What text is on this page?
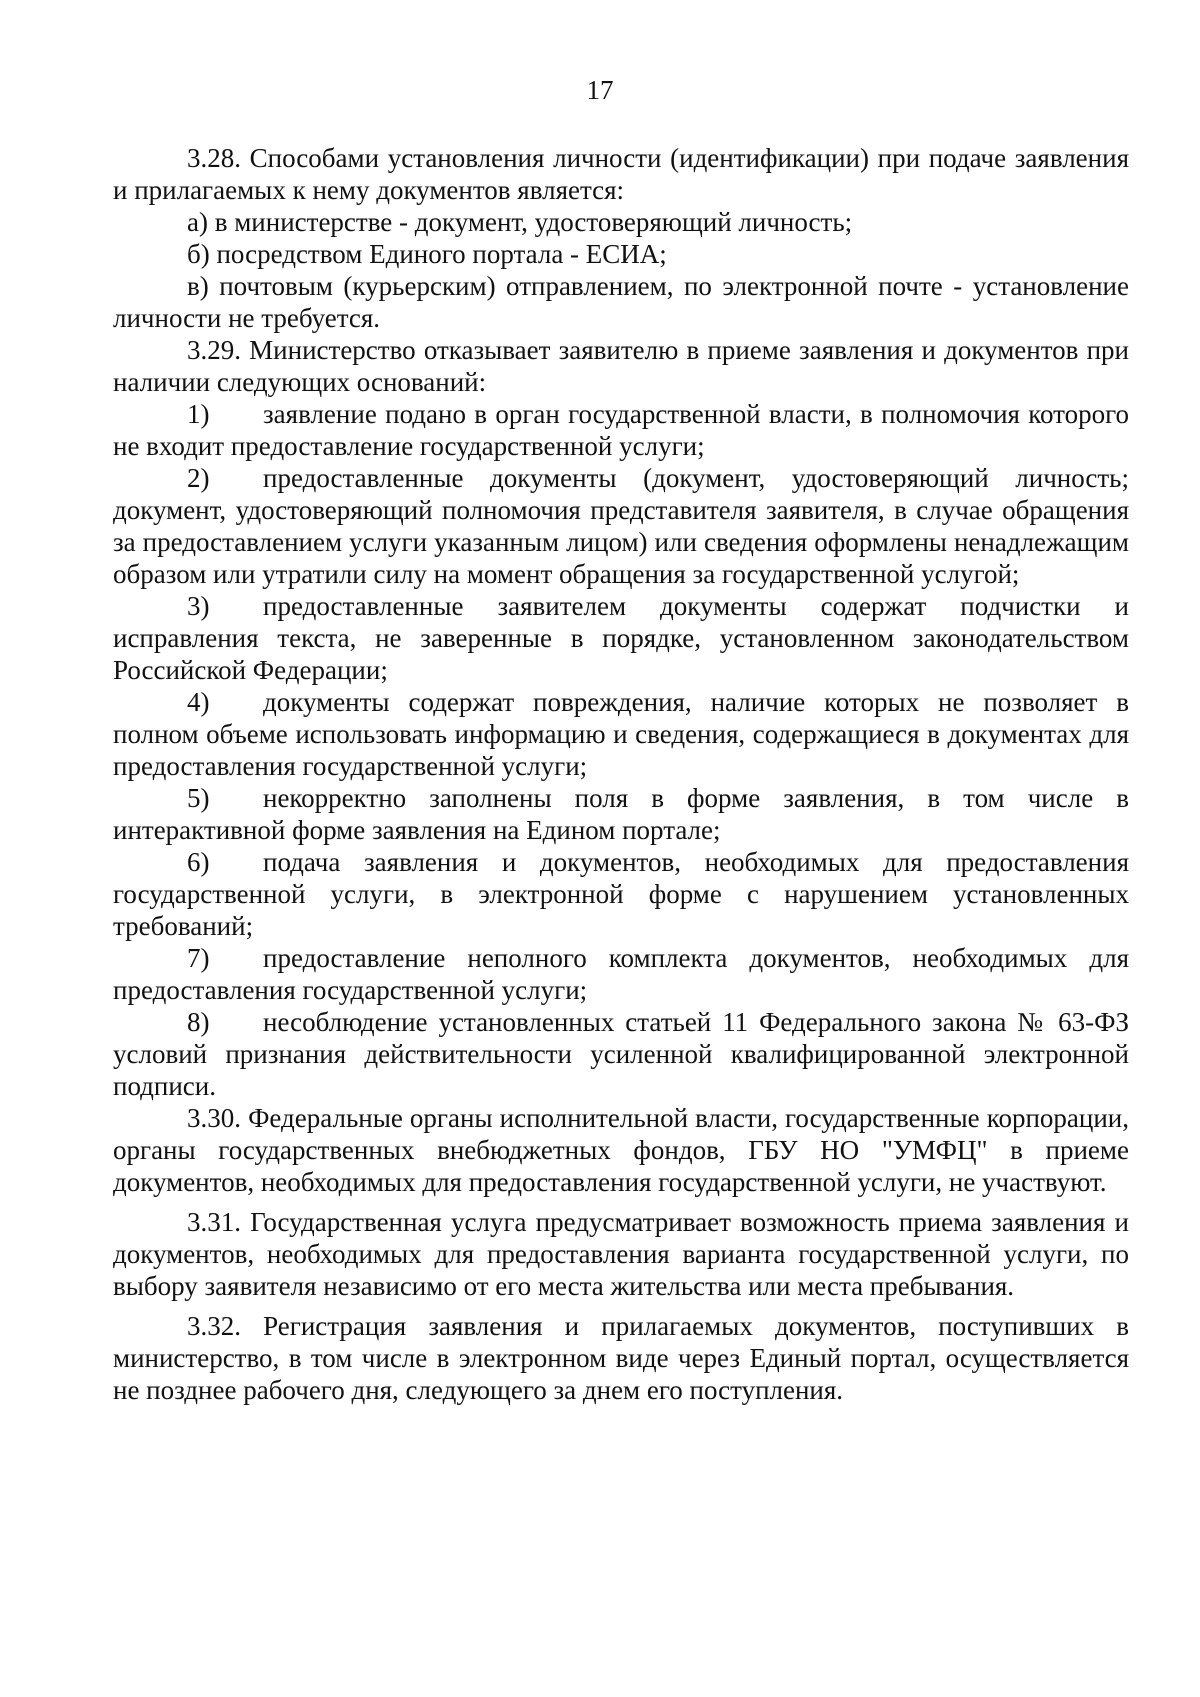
17

3.28. Способами установления личности (идентификации) при подаче заявления и прилагаемых к нему документов является:

а) в министерстве - документ, удостоверяющий личность;

б) посредством Единого портала - ЕСИА;

в) почтовым (курьерским) отправлением, по электронной почте - установление личности не требуется.

3.29. Министерство отказывает заявителю в приеме заявления и документов при наличии следующих оснований:

1) заявление подано в орган государственной власти, в полномочия которого не входит предоставление государственной услуги;

2) предоставленные документы (документ, удостоверяющий личность; документ, удостоверяющий полномочия представителя заявителя, в случае обращения за предоставлением услуги указанным лицом) или сведения оформлены ненадлежащим образом или утратили силу на момент обращения за государственной услугой;

3) предоставленные заявителем документы содержат подчистки и исправления текста, не заверенные в порядке, установленном законодательством Российской Федерации;

4) документы содержат повреждения, наличие которых не позволяет в полном объеме использовать информацию и сведения, содержащиеся в документах для предоставления государственной услуги;

5) некорректно заполнены поля в форме заявления, в том числе в интерактивной форме заявления на Едином портале;

6) подача заявления и документов, необходимых для предоставления государственной услуги, в электронной форме с нарушением установленных требований;

7) предоставление неполного комплекта документов, необходимых для предоставления государственной услуги;

8) несоблюдение установленных статьей 11 Федерального закона № 63-ФЗ условий признания действительности усиленной квалифицированной электронной подписи.

3.30. Федеральные органы исполнительной власти, государственные корпорации, органы государственных внебюджетных фондов, ГБУ НО "УМФЦ" в приеме документов, необходимых для предоставления государственной услуги, не участвуют.

3.31. Государственная услуга предусматривает возможность приема заявления и документов, необходимых для предоставления варианта государственной услуги, по выбору заявителя независимо от его места жительства или места пребывания.

3.32. Регистрация заявления и прилагаемых документов, поступивших в министерство, в том числе в электронном виде через Единый портал, осуществляется не позднее рабочего дня, следующего за днем его поступления.
